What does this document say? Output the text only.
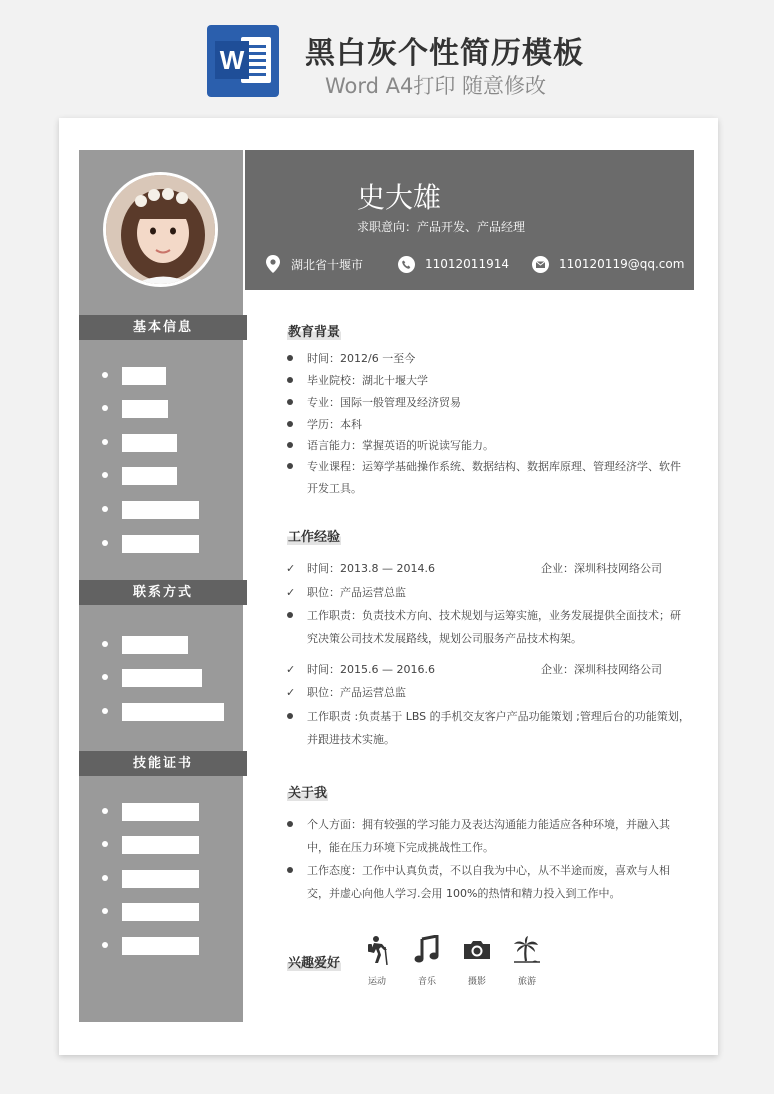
W 黑白灰个性简历模板
Word A4打印 随意修改
基本信息
联系方式
技能证书
史大雄
求职意向：产品开发、产品经理
湖北省十堰市	11012011914	110120119@qq.com
教育背景
时间：2012/6 一至今
毕业院校：湖北十堰大学
专业：国际一般管理及经济贸易
学历：本科
语言能力：掌握英语的听说读写能力。
专业课程：运筹学基础操作系统、数据结构、数据库原理、管理经济学、软件
开发工具。
工作经验
时间：2013.8 — 2014.6	企业：深圳科技网络公司
职位：产品运营总监
工作职责：负责技术方向、技术规划与运筹实施，业务发展提供全面技术；研
究决策公司技术发展路线，规划公司服务产品技术构架。
时间：2015.6 — 2016.6	企业：深圳科技网络公司
职位：产品运营总监
工作职责 :负责基于 LBS 的手机交友客户产品功能策划 ;管理后台的功能策划，
并跟进技术实施。
关于我
个人方面：拥有较强的学习能力及表达沟通能力能适应各种环境，并融入其
中，能在压力环境下完成挑战性工作。
工作态度：工作中认真负责，不以自我为中心，从不半途而废，喜欢与人相
交，并虚心向他人学习.会用 100%的热情和精力投入到工作中。
兴趣爱好
运动	音乐	摄影	旅游
